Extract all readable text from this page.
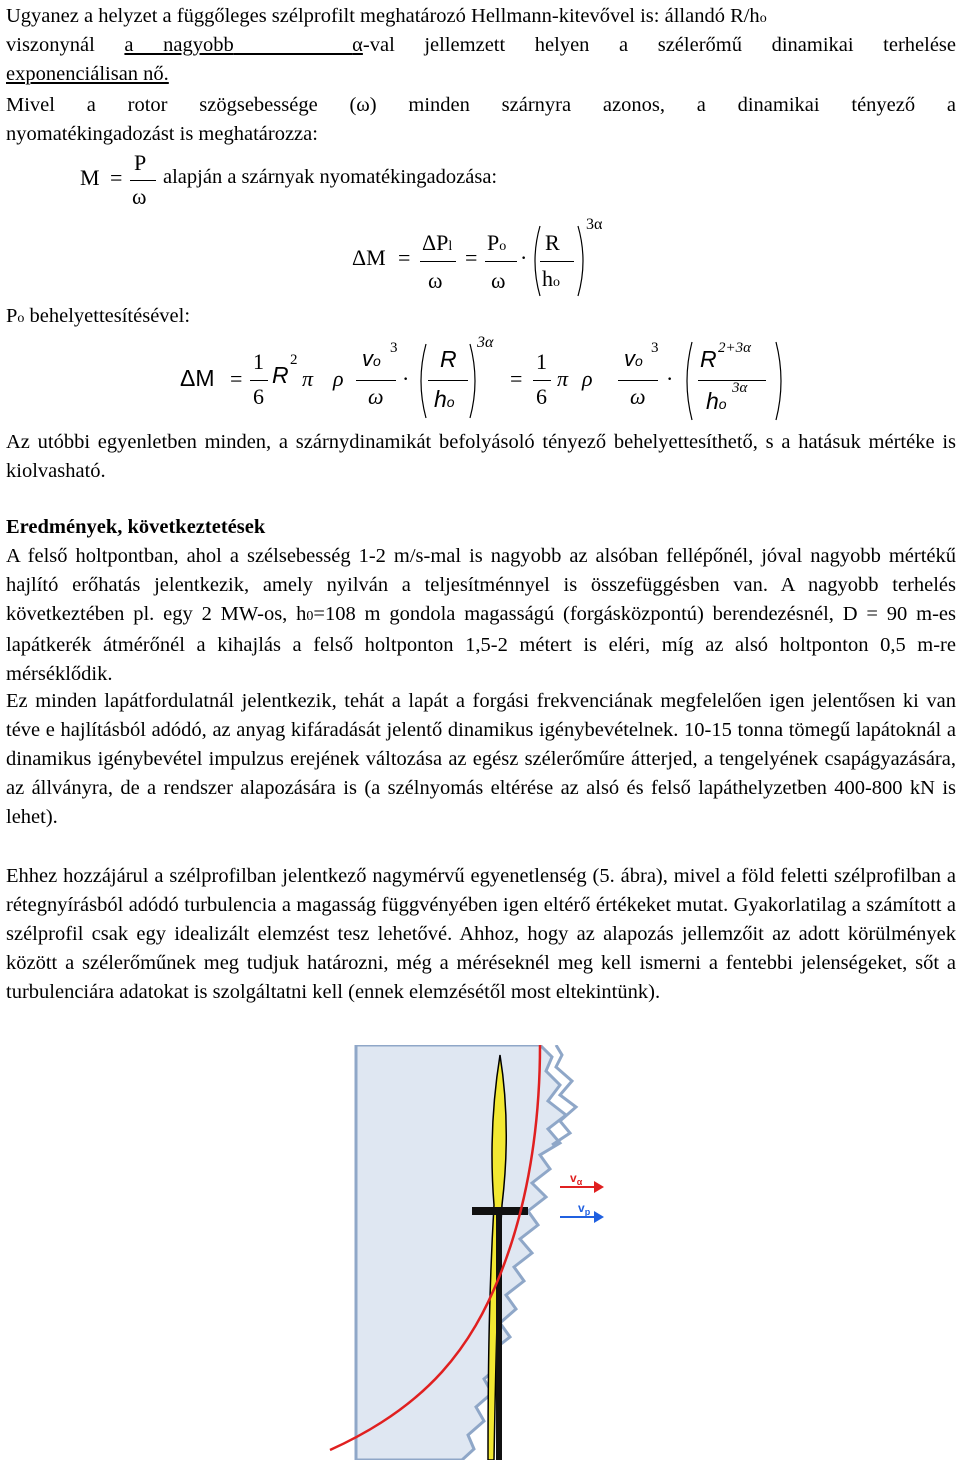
Ugyanez a helyzet a függőleges szélprofilt meghatározó Hellmann-kitevővel is: állandó R/ho
viszonynál a nagyobb	α-val jellemzett helyen a szélerőmű dinamikai terhelése
exponenciálisan nő.
Mivel a rotor szögsebessége (ω) minden szárnyra azonos, a dinamikai tényező a
nyomatékingadozást is meghatározza:
M =
P
ω
alapján a szárnyak nyomatékingadozása:
ΔM =
ΔPl
ω
=
Po
ω
·
R
ho
3α
Po behelyettesítésével:
ΔM =
1
6
R
2
π ρ
vo
3
ω
·
R
ho
3α
=
1
6
π ρ
vo
3
ω
·
R 2+3α
ho
3α
Az utóbbi egyenletben minden, a szárnydinamikát befolyásoló tényező behelyettesíthető, s a hatásuk mértéke is kiolvasható.
Eredmények, következtetések
A felső holtpontban, ahol a szélsebesség 1-2 m/s-mal is nagyobb az alsóban fellépőnél, jóval nagyobb mértékű hajlító erőhatás jelentkezik, amely nyilván a teljesítménnyel is összefüggésben van. A nagyobb terhelés következtében pl. egy 2 MW-os, h0=108 m gondola magasságú (forgásközpontú) berendezésnél, D = 90 m-es lapátkerék átmérőnél a kihajlás a felső holtponton 1,5-2 métert is eléri, míg az alsó holtponton 0,5 m-re mérséklődik.
Ez minden lapátfordulatnál jelentkezik, tehát a lapát a forgási frekvenciának megfelelően igen jelentősen ki van téve e hajlításból adódó, az anyag kifáradását jelentő dinamikus igénybevételnek. 10-15 tonna tömegű lapátoknál a dinamikus igénybevétel impulzus erejének változása az egész szélerőműre átterjed, a tengelyének csapágyazására, az állványra, de a rendszer alapozására is (a szélnyomás eltérése az alsó és felső lapáthelyzetben 400-800 kN is lehet).
Ehhez hozzájárul a szélprofilban jelentkező nagymérvű egyenetlenség (5. ábra), mivel a föld feletti szélprofilban a rétegnyírásból adódó turbulencia a magasság függvényében igen eltérő értékeket mutat. Gyakorlatilag a számított a szélprofil csak egy idealizált elemzést tesz lehetővé. Ahhoz, hogy az alapozás jellemzőit az adott körülmények között a szélerőműnek meg tudjuk határozni, még a méréseknél meg kell ismerni a fentebbi jelenségeket, sőt a turbulenciára adatokat is szolgáltatni kell (ennek elemzésétől most eltekintünk).
$v_\alpha$
$v_p$
